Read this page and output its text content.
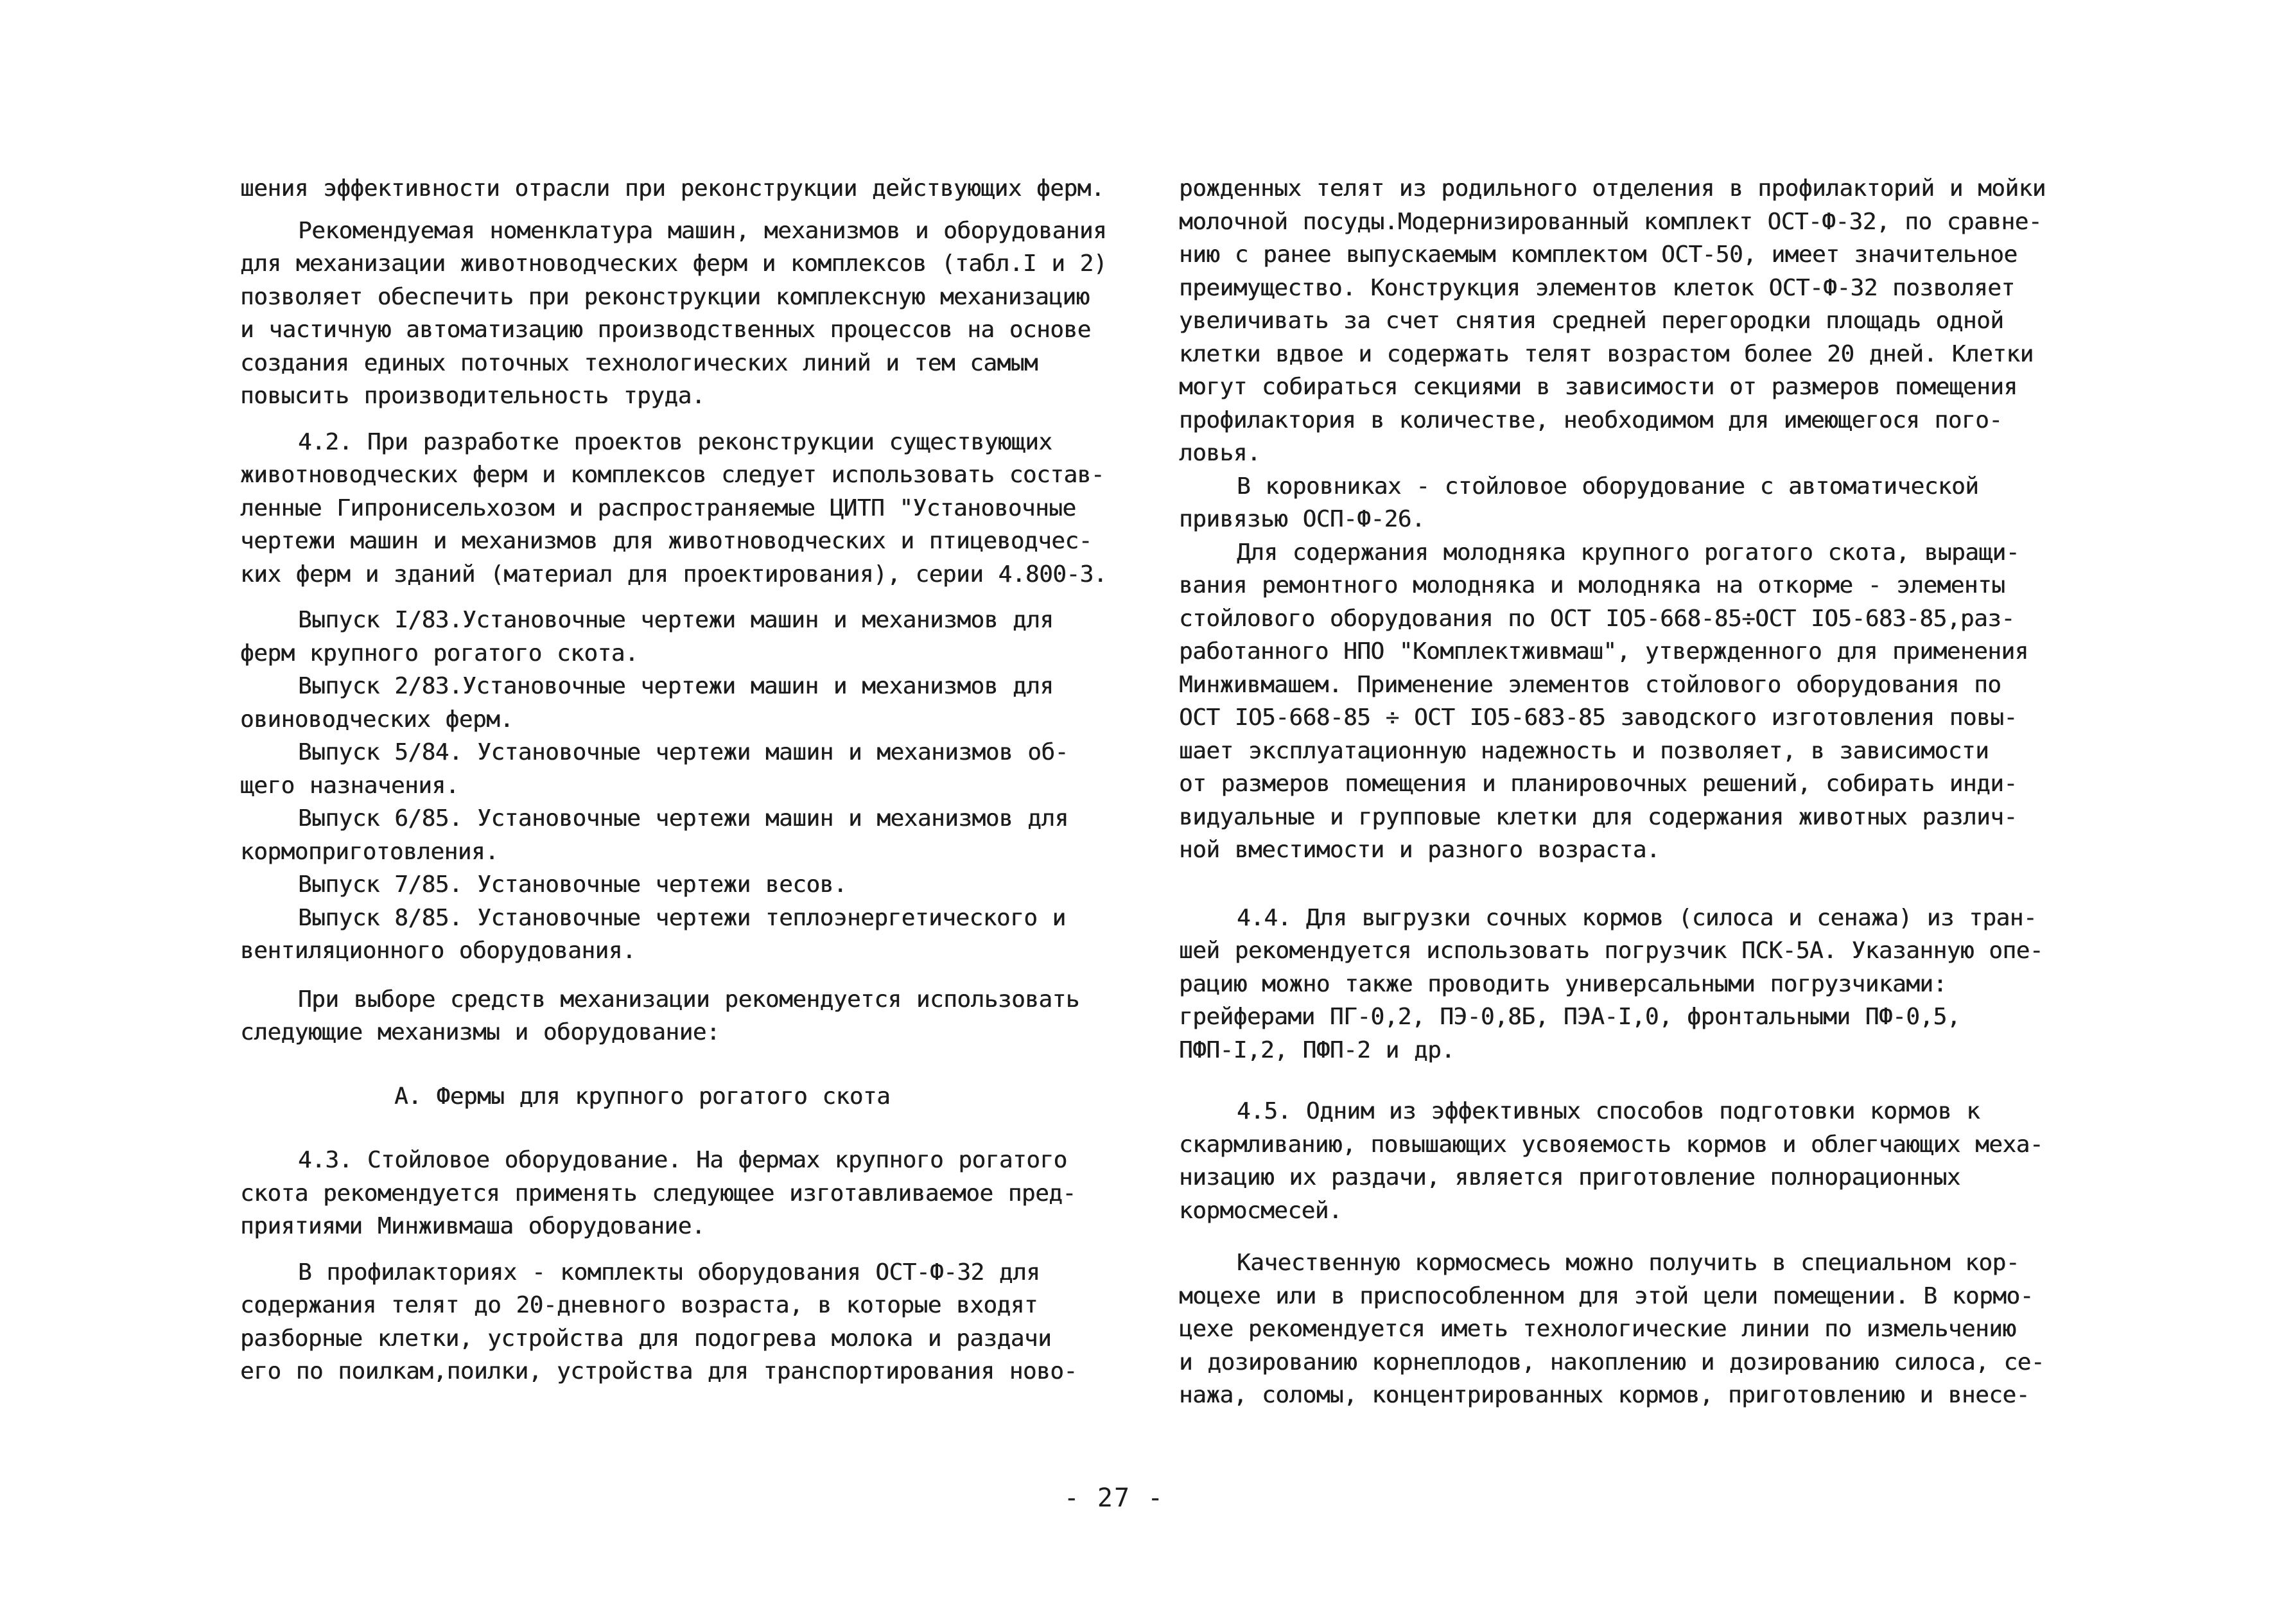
шения эффективности отрасли при реконструкции действующих ферм.
Рекомендуемая номенклатура машин, механизмов и оборудования
для механизации животноводческих ферм и комплексов (табл.I и 2)
позволяет обеспечить при реконструкции комплексную механизацию
и частичную автоматизацию производственных процессов на основе
создания единых поточных технологических линий и тем самым
повысить производительность труда.
4.2. При разработке проектов реконструкции существующих
животноводческих ферм и комплексов следует использовать состав-
ленные Гипронисельхозом и распространяемые ЦИТП "Установочные
чертежи машин и механизмов для животноводческих и птицеводчес-
ких ферм и зданий (материал для проектирования), серии 4.800-3.
Выпуск I/83.Установочные чертежи машин и механизмов для
ферм крупного рогатого скота.
Выпуск 2/83.Установочные чертежи машин и механизмов для
овиноводческих ферм.
Выпуск 5/84. Установочные чертежи машин и механизмов об-
щего назначения.
Выпуск 6/85. Установочные чертежи машин и механизмов для
кормоприготовления.
Выпуск 7/85. Установочные чертежи весов.
Выпуск 8/85. Установочные чертежи теплоэнергетического и
вентиляционного оборудования.
При выборе средств механизации рекомендуется использовать
следующие механизмы и оборудование:
А. Фермы для крупного рогатого скота
4.3. Стойловое оборудование. На фермах крупного рогатого
скота рекомендуется применять следующее изготавливаемое пред-
приятиями Минживмаша оборудование.
В профилакториях - комплекты оборудования ОСТ-Ф-32 для
содержания телят до 20-дневного возраста, в которые входят
разборные клетки, устройства для подогрева молока и раздачи
его по поилкам,поилки, устройства для транспортирования ново-
рожденных телят из родильного отделения в профилакторий и мойки
молочной посуды.Модернизированный комплект ОСТ-Ф-32, по сравне-
нию с ранее выпускаемым комплектом ОСТ-50, имеет значительное
преимущество. Конструкция элементов клеток ОСТ-Ф-32 позволяет
увеличивать за счет снятия средней перегородки площадь одной
клетки вдвое и содержать телят возрастом более 20 дней. Клетки
могут собираться секциями в зависимости от размеров помещения
профилактория в количестве, необходимом для имеющегося пого-
ловья.
В коровниках - стойловое оборудование с автоматической
привязью ОСП-Ф-26.
Для содержания молодняка крупного рогатого скота, выращи-
вания ремонтного молодняка и молодняка на откорме - элементы
стойлового оборудования по ОСТ IO5-668-85÷ОСТ IO5-683-85,раз-
работанного НПО "Комплектживмаш", утвержденного для применения
Минживмашем. Применение элементов стойлового оборудования по
ОСТ IO5-668-85 ÷ ОСТ IO5-683-85 заводского изготовления повы-
шает эксплуатационную надежность и позволяет, в зависимости
от размеров помещения и планировочных решений, собирать инди-
видуальные и групповые клетки для содержания животных различ-
ной вместимости и разного возраста.
4.4. Для выгрузки сочных кормов (силоса и сенажа) из тран-
шей рекомендуется использовать погрузчик ПСК-5А. Указанную опе-
рацию можно также проводить универсальными погрузчиками:
грейферами ПГ-0,2, ПЭ-0,8Б, ПЭА-I,0, фронтальными ПФ-0,5,
ПФП-I,2, ПФП-2 и др.
4.5. Одним из эффективных способов подготовки кормов к
скармливанию, повышающих усвояемость кормов и облегчающих меха-
низацию их раздачи, является приготовление полнорационных
кормосмесей.
Качественную кормосмесь можно получить в специальном кор-
моцехе или в приспособленном для этой цели помещении. В кормо-
цехе рекомендуется иметь технологические линии по измельчению
и дозированию корнеплодов, накоплению и дозированию силоса, се-
нажа, соломы, концентрированных кормов, приготовлению и внесе-
- 27 -
